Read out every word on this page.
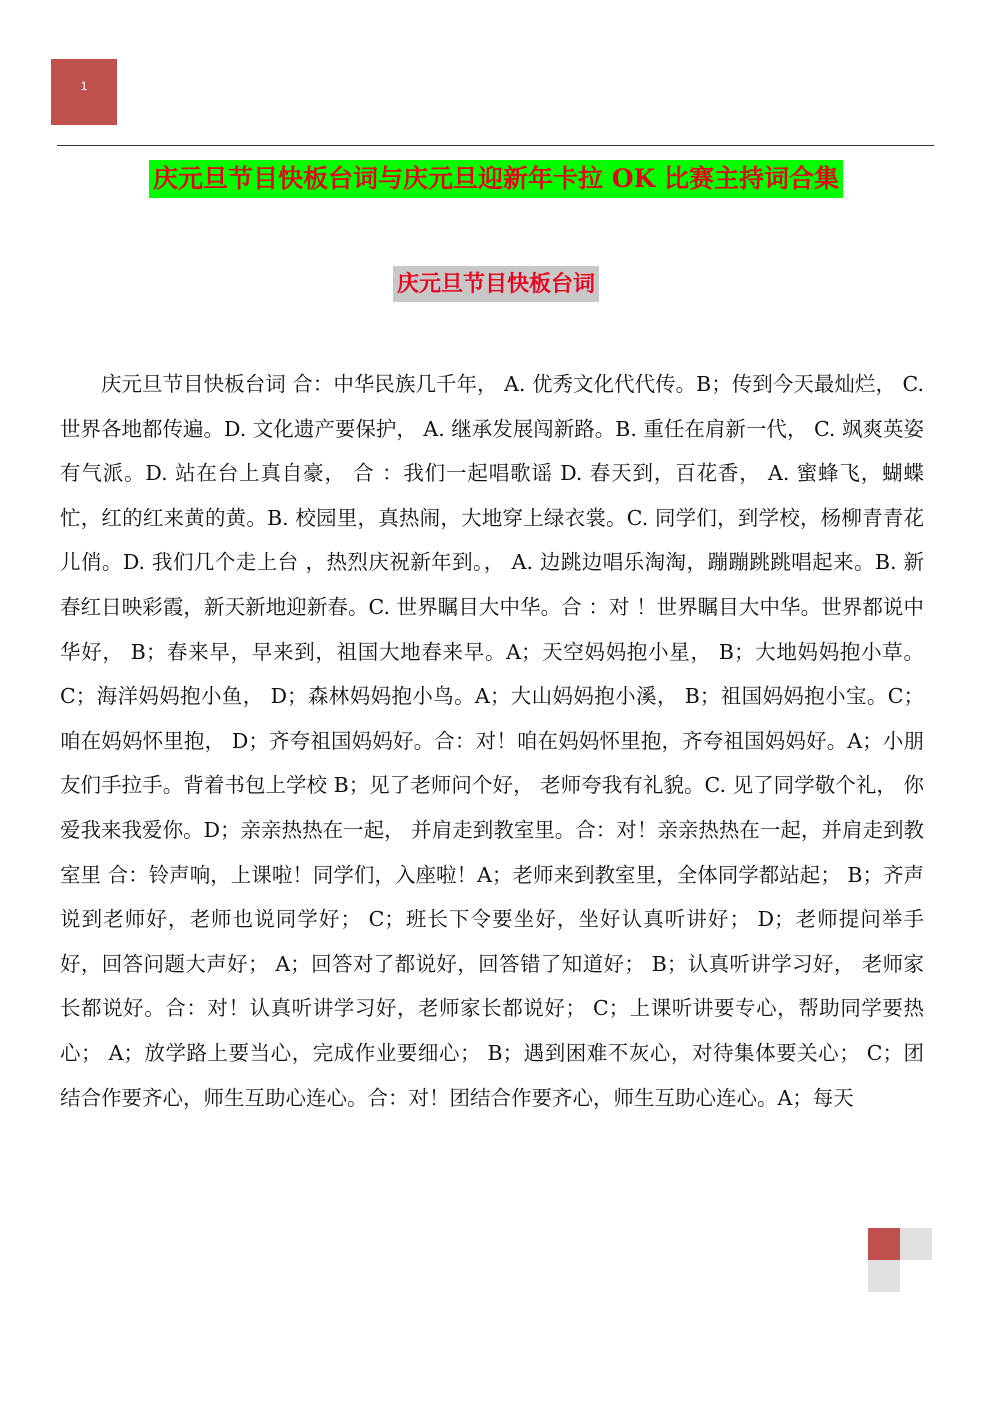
1
庆元旦节目快板台词与庆元旦迎新年卡拉 OK 比赛主持词合集
庆元旦节目快板台词

庆元旦节目快板台词 合：中华民族几千年， A. 优秀文化代代传。B；传到今天最灿烂， C. 世界各地都传遍。D. 文化遗产要保护， A. 继承发展闯新路。B. 重任在肩新一代， C. 飒爽英姿有气派。D. 站在台上真自豪， 合 ：我们一起唱歌谣 D. 春天到，百花香， A. 蜜蜂飞，蝴蝶忙，红的红来黄的黄。B. 校园里，真热闹，大地穿上绿衣裳。C. 同学们，到学校，杨柳青青花儿俏。D. 我们几个走上台 ，热烈庆祝新年到。， A. 边跳边唱乐淘淘，蹦蹦跳跳唱起来。B. 新春红日映彩霞，新天新地迎新春。C. 世界瞩目大中华。合 ：对 ！世界瞩目大中华。世界都说中华好， B；春来早，早来到，祖国大地春来早。A；天空妈妈抱小星， B；大地妈妈抱小草。C；海洋妈妈抱小鱼， D；森林妈妈抱小鸟。A；大山妈妈抱小溪， B；祖国妈妈抱小宝。C；咱在妈妈怀里抱， D；齐夸祖国妈妈好。合：对！咱在妈妈怀里抱，齐夸祖国妈妈好。A；小朋友们手拉手。背着书包上学校 B；见了老师问个好， 老师夸我有礼貌。C. 见了同学敬个礼， 你爱我来我爱你。D；亲亲热热在一起， 并肩走到教室里。合：对！亲亲热热在一起，并肩走到教室里 合：铃声响，上课啦！同学们，入座啦！A；老师来到教室里，全体同学都站起； B；齐声说到老师好，老师也说同学好； C；班长下令要坐好，坐好认真听讲好； D；老师提问举手好，回答问题大声好； A；回答对了都说好，回答错了知道好； B；认真听讲学习好， 老师家长都说好。合：对！认真听讲学习好，老师家长都说好； C；上课听讲要专心，帮助同学要热心； A；放学路上要当心，完成作业要细心； B；遇到困难不灰心，对待集体要关心； C；团结合作要齐心，师生互助心连心。合：对！团结合作要齐心，师生互助心连心。A；每天
